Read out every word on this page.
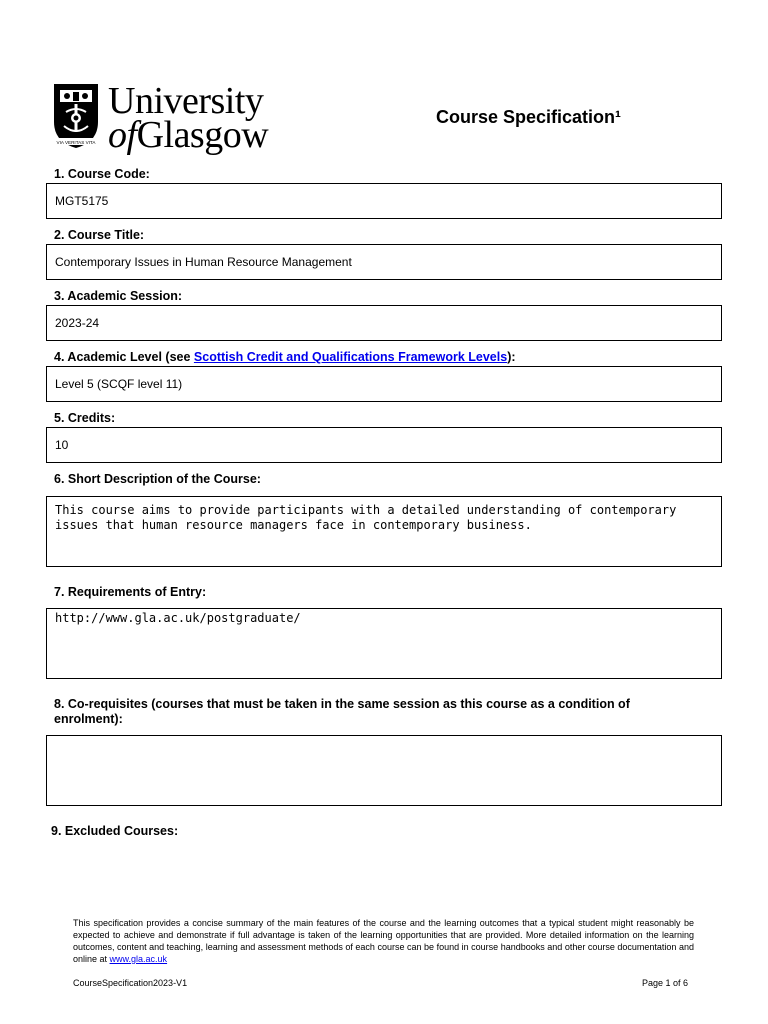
VIA VERITAS VITA
University
ofGlasgow	Course Specification¹
1. Course Code:
MGT5175
2. Course Title:
Contemporary Issues in Human Resource Management
3. Academic Session:
2023-24
4. Academic Level (see Scottish Credit and Qualifications Framework Levels):
Level 5 (SCQF level 11)
5. Credits:
10
6. Short Description of the Course:
This course aims to provide participants with a detailed understanding of contemporary issues that human resource managers face in contemporary business.
7. Requirements of Entry:
http://www.gla.ac.uk/postgraduate/
8. Co-requisites (courses that must be taken in the same session as this course as a condition of enrolment):
9. Excluded Courses:
This specification provides a concise summary of the main features of the course and the learning outcomes that a typical student might reasonably be expected to achieve and demonstrate if full advantage is taken of the learning opportunities that are provided. More detailed information on the learning outcomes, content and teaching, learning and assessment methods of each course can be found in course handbooks and other course documentation and online at www.gla.ac.uk
CourseSpecification2023-V1	Page 1 of 6
